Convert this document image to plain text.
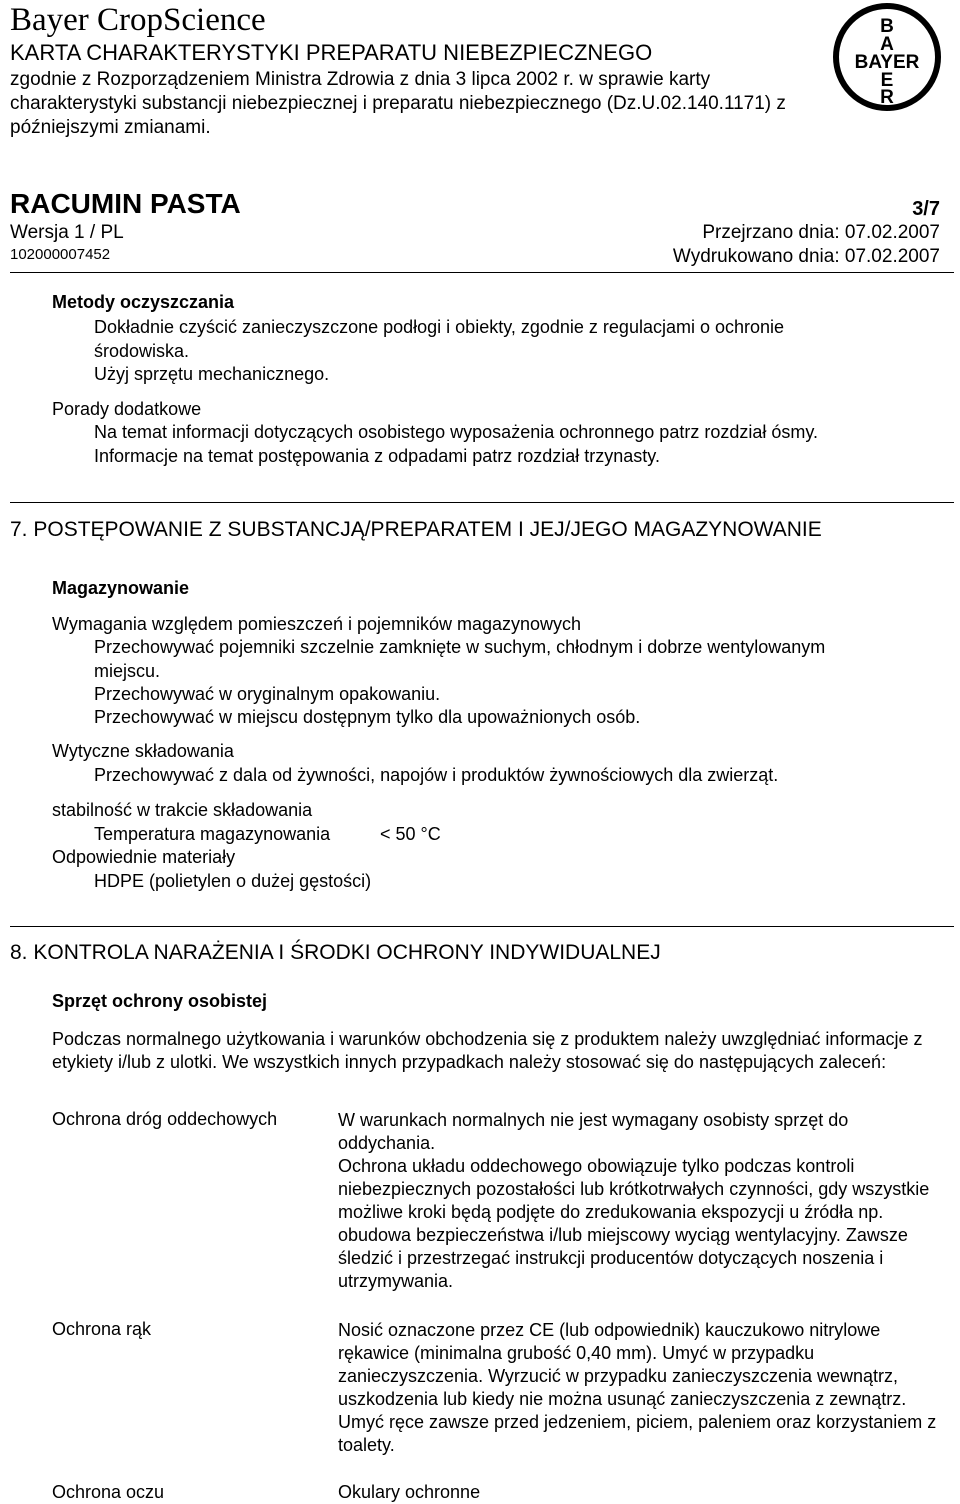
Bayer CropScience
KARTA CHARAKTERYSTYKI PREPARATU NIEBEZPIECZNEGO
zgodnie z Rozporządzeniem Ministra Zdrowia z dnia 3 lipca 2002 r. w sprawie karty charakterystyki substancji niebezpiecznej i preparatu niebezpiecznego (Dz.U.02.140.1171) z późniejszymi zmianami.
B
A
BAYER
E
R
RACUMIN PASTA	3/7
Wersja 1 / PL	Przejrzano dnia: 07.02.2007
102000007452	Wydrukowano dnia: 07.02.2007
Metody oczyszczania
Dokładnie czyścić zanieczyszczone podłogi i obiekty, zgodnie z regulacjami o ochronie
środowiska.
Użyj sprzętu mechanicznego.
Porady dodatkowe
Na temat informacji dotyczących osobistego wyposażenia ochronnego patrz rozdział ósmy.
Informacje na temat postępowania z odpadami patrz rozdział trzynasty.
7. POSTĘPOWANIE Z SUBSTANCJĄ/PREPARATEM I JEJ/JEGO MAGAZYNOWANIE
Magazynowanie
Wymagania względem pomieszczeń i pojemników magazynowych
Przechowywać pojemniki szczelnie zamknięte w suchym, chłodnym i dobrze wentylowanym
miejscu.
Przechowywać w oryginalnym opakowaniu.
Przechowywać w miejscu dostępnym tylko dla upoważnionych osób.
Wytyczne składowania
Przechowywać z dala od żywności, napojów i produktów żywnościowych dla zwierząt.
stabilność w trakcie składowania
Temperatura magazynowania	< 50 °C
Odpowiednie materiały
HDPE (polietylen o dużej gęstości)
8. KONTROLA NARAŻENIA I ŚRODKI OCHRONY INDYWIDUALNEJ
Sprzęt ochrony osobistej
Podczas normalnego użytkowania i warunków obchodzenia się z produktem należy uwzględniać informacje z etykiety i/lub z ulotki. We wszystkich innych przypadkach należy stosować się do następujących zaleceń:
Ochrona dróg oddechowych	W warunkach normalnych nie jest wymagany osobisty sprzęt do oddychania.
Ochrona układu oddechowego obowiązuje tylko podczas kontroli niebezpiecznych pozostałości lub krótkotrwałych czynności, gdy wszystkie możliwe kroki będą podjęte do zredukowania ekspozycji u źródła np. obudowa bezpieczeństwa i/lub miejscowy wyciąg wentylacyjny. Zawsze śledzić i przestrzegać instrukcji producentów dotyczących noszenia i utrzymywania.
Ochrona rąk	Nosić oznaczone przez CE (lub odpowiednik) kauczukowo nitrylowe rękawice (minimalna grubość 0,40 mm). Umyć w przypadku zanieczyszczenia. Wyrzucić w przypadku zanieczyszczenia wewnątrz, uszkodzenia lub kiedy nie można usunąć zanieczyszczenia z zewnątrz. Umyć ręce zawsze przed jedzeniem, piciem, paleniem oraz korzystaniem z toalety.
Ochrona oczu	Okulary ochronne
